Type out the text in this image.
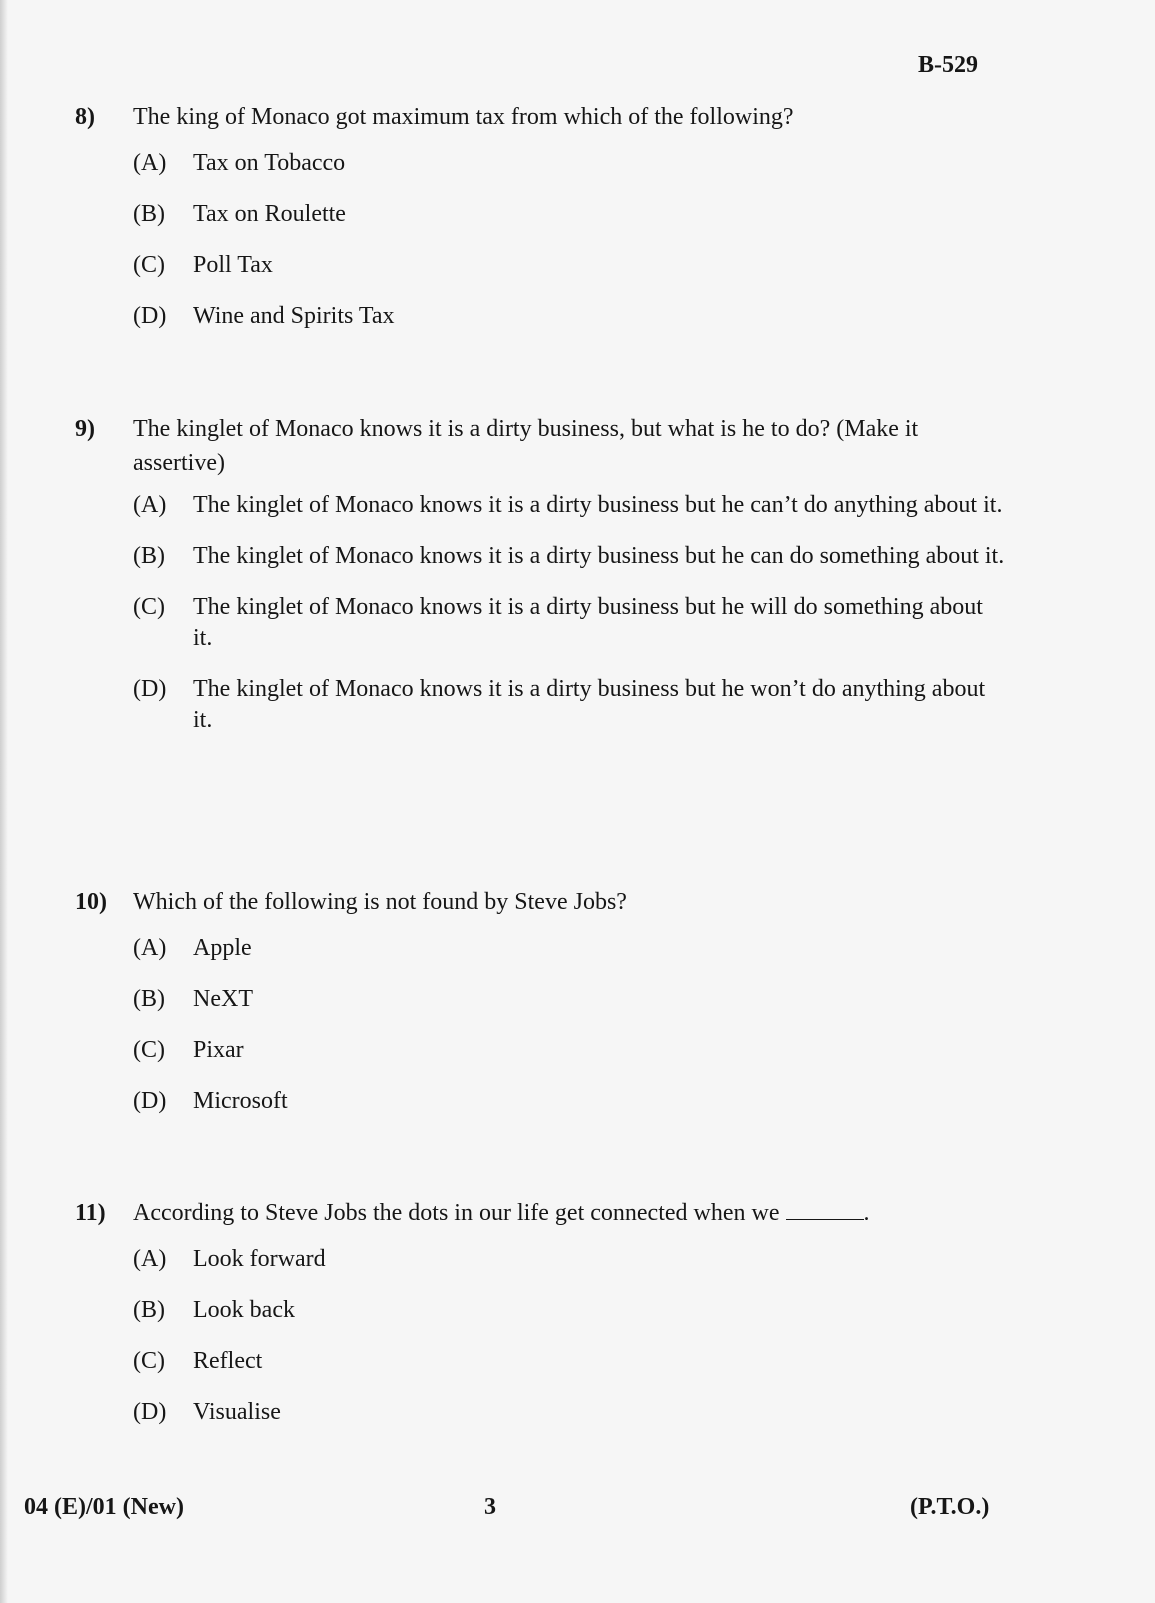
B-529
8)	The king of Monaco got maximum tax from which of the following?
(A)	Tax on Tobacco
(B)	Tax on Roulette
(C)	Poll Tax
(D)	Wine and Spirits Tax
9)	The kinglet of Monaco knows it is a dirty business, but what is he to do? (Make it assertive)
(A)	The kinglet of Monaco knows it is a dirty business but he can’t do anything about it.
(B)	The kinglet of Monaco knows it is a dirty business but he can do something about it.
(C)	The kinglet of Monaco knows it is a dirty business but he will do something about it.
(D)	The kinglet of Monaco knows it is a dirty business but he won’t do anything about it.
10)	Which of the following is not found by Steve Jobs?
(A)	Apple
(B)	NeXT
(C)	Pixar
(D)	Microsoft
11)	According to Steve Jobs the dots in our life get connected when we	.
(A)	Look forward
(B)	Look back
(C)	Reflect
(D)	Visualise
04 (E)/01 (New)	3	(P.T.O.)
